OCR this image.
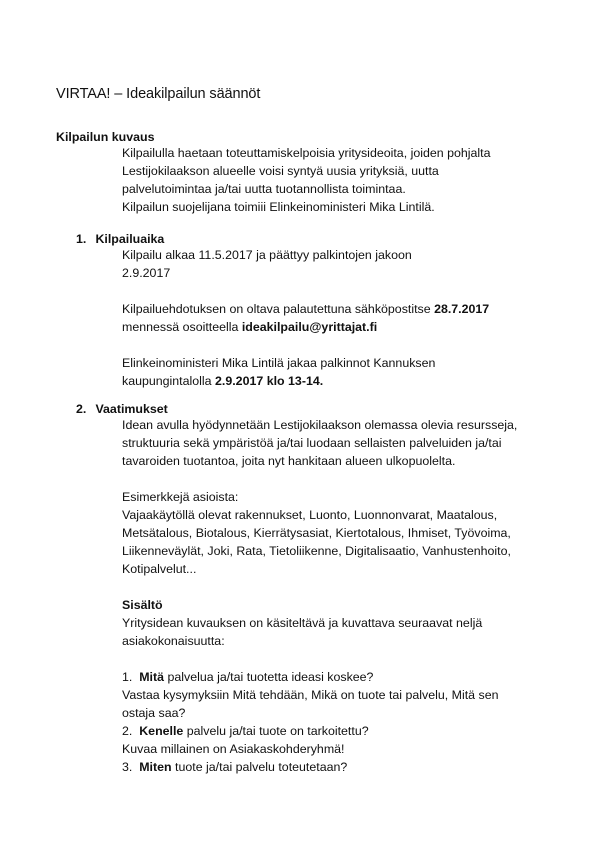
VIRTAA! – Ideakilpailun säännöt
Kilpailun kuvaus
Kilpailulla haetaan toteuttamiskelpoisia yritysideoita, joiden pohjalta
Lestijokilaakson alueelle voisi syntyä uusia yrityksiä, uutta
palvelutoimintaa ja/tai uutta tuotannollista toimintaa.
Kilpailun suojelijana toimiii Elinkeinoministeri Mika Lintilä.
1. Kilpailuaika
Kilpailu alkaa 11.5.2017 ja päättyy palkintojen jakoon
2.9.2017
Kilpailuehdotuksen on oltava palautettuna sähköpostitse 28.7.2017
mennessä osoitteella ideakilpailu@yrittajat.fi
Elinkeinoministeri Mika Lintilä jakaa palkinnot Kannuksen
kaupungintalolla 2.9.2017 klo 13-14.
2. Vaatimukset
Idean avulla hyödynnetään Lestijokilaakson olemassa olevia resursseja,
struktuuria sekä ympäristöä ja/tai luodaan sellaisten palveluiden ja/tai
tavaroiden tuotantoa, joita nyt hankitaan alueen ulkopuolelta.
Esimerkkejä asioista:
Vajaakäytöllä olevat rakennukset, Luonto, Luonnonvarat, Maatalous,
Metsätalous, Biotalous, Kierrätysasiat, Kiertotalous, Ihmiset, Työvoima,
Liikenneväylät, Joki, Rata, Tietoliikenne, Digitalisaatio, Vanhustenhoito,
Kotipalvelut...
Sisältö
Yritysidean kuvauksen on käsiteltävä ja kuvattava seuraavat neljä
asiakokonaisuutta:
1. Mitä palvelua ja/tai tuotetta ideasi koskee?
Vastaa kysymyksiin Mitä tehdään, Mikä on tuote tai palvelu, Mitä sen
ostaja saa?
2. Kenelle palvelu ja/tai tuote on tarkoitettu?
Kuvaa millainen on Asiakaskohderyhmä!
3. Miten tuote ja/tai palvelu toteutetaan?
